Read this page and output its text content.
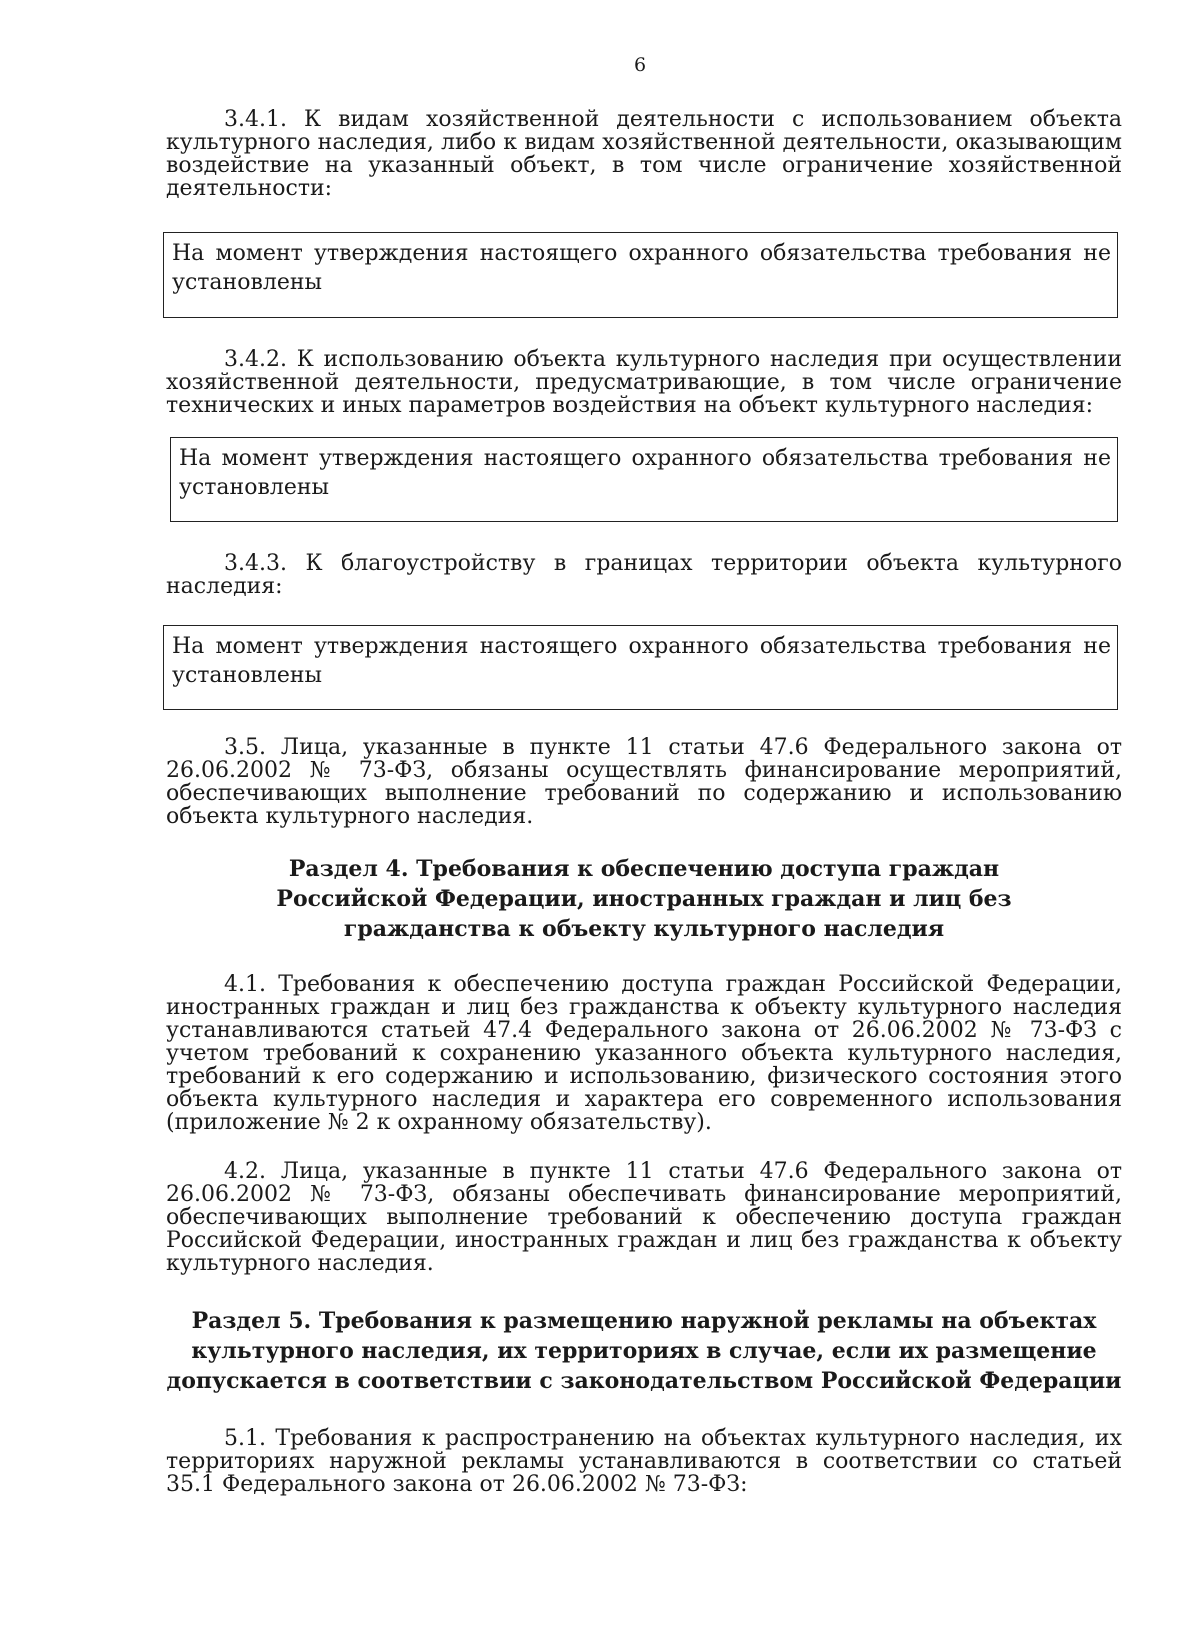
6

3.4.1. К видам хозяйственной деятельности с использованием объекта культурного наследия, либо к видам хозяйственной деятельности, оказывающим воздействие на указанный объект, в том числе ограничение хозяйственной деятельности:

На момент утверждения настоящего охранного обязательства требования не установлены

3.4.2. К использованию объекта культурного наследия при осуществлении хозяйственной деятельности, предусматривающие, в том числе ограничение технических и иных параметров воздействия на объект культурного наследия:

На момент утверждения настоящего охранного обязательства требования не установлены

3.4.3. К благоустройству в границах территории объекта культурного наследия:

На момент утверждения настоящего охранного обязательства требования не установлены

3.5. Лица, указанные в пункте 11 статьи 47.6 Федерального закона от 26.06.2002 № 73-ФЗ, обязаны осуществлять финансирование мероприятий, обеспечивающих выполнение требований по содержанию и использованию объекта культурного наследия.

Раздел 4. Требования к обеспечению доступа граждан Российской Федерации, иностранных граждан и лиц без гражданства к объекту культурного наследия

4.1. Требования к обеспечению доступа граждан Российской Федерации, иностранных граждан и лиц без гражданства к объекту культурного наследия устанавливаются статьей 47.4 Федерального закона от 26.06.2002 № 73-ФЗ с учетом требований к сохранению указанного объекта культурного наследия, требований к его содержанию и использованию, физического состояния этого объекта культурного наследия и характера его современного использования (приложение № 2 к охранному обязательству).

4.2. Лица, указанные в пункте 11 статьи 47.6 Федерального закона от 26.06.2002 № 73-ФЗ, обязаны обеспечивать финансирование мероприятий, обеспечивающих выполнение требований к обеспечению доступа граждан Российской Федерации, иностранных граждан и лиц без гражданства к объекту культурного наследия.

Раздел 5. Требования к размещению наружной рекламы на объектах культурного наследия, их территориях в случае, если их размещение допускается в соответствии с законодательством Российской Федерации

5.1. Требования к распространению на объектах культурного наследия, их территориях наружной рекламы устанавливаются в соответствии со статьей 35.1 Федерального закона от 26.06.2002 № 73-ФЗ:
